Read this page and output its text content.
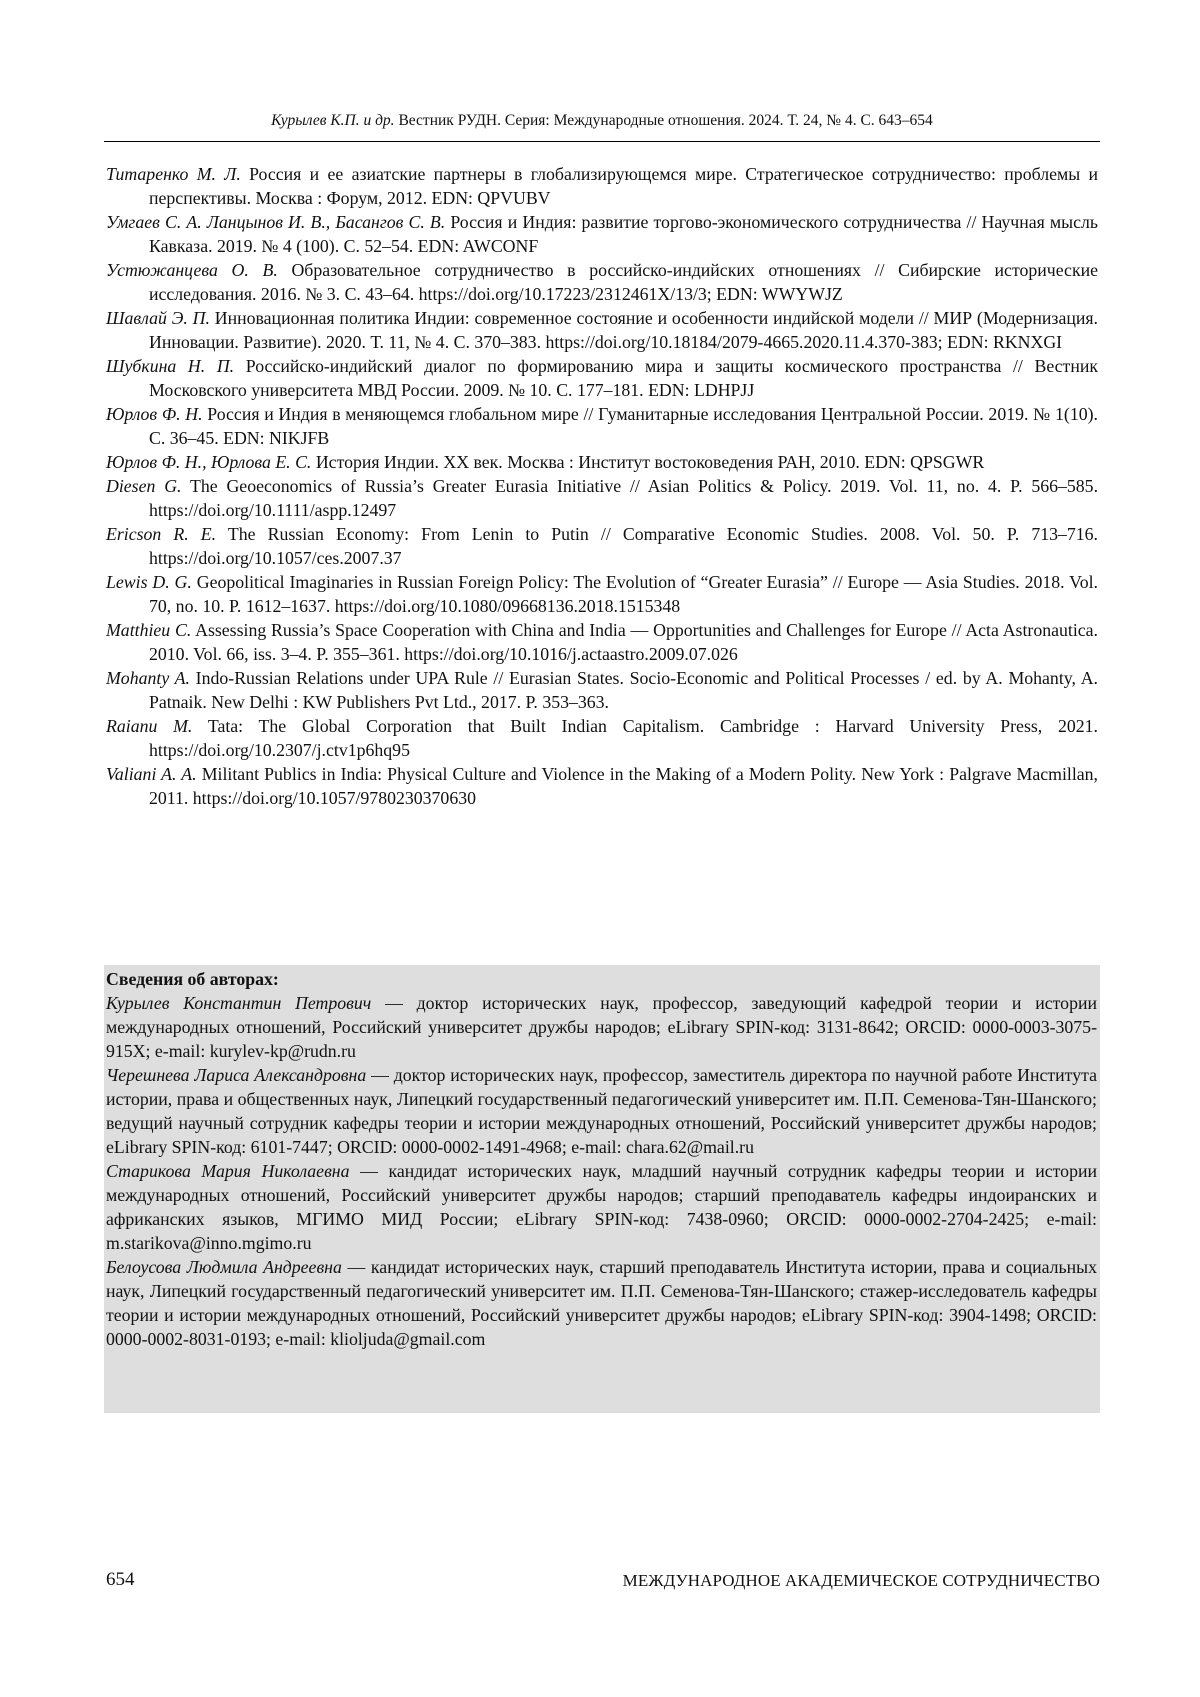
Курылев К.П. и др. Вестник РУДН. Серия: Международные отношения. 2024. Т. 24, № 4. С. 643–654
Титаренко М. Л. Россия и ее азиатские партнеры в глобализирующемся мире. Стратегическое сотрудничество: проблемы и перспективы. Москва : Форум, 2012. EDN: QPVUBV
Умгаев С. А. Ланцынов И. В., Басангов С. В. Россия и Индия: развитие торгово-экономического сотрудничества // Научная мысль Кавказа. 2019. № 4 (100). С. 52–54. EDN: AWCONF
Устюжанцева О. В. Образовательное сотрудничество в российско-индийских отношениях // Сибирские исторические исследования. 2016. № 3. С. 43–64. https://doi.org/10.17223/2312461X/13/3; EDN: WWYWJZ
Шавлай Э. П. Инновационная политика Индии: современное состояние и особенности индийской модели // МИР (Модернизация. Инновации. Развитие). 2020. Т. 11, № 4. С. 370–383. https://doi.org/10.18184/2079-4665.2020.11.4.370-383; EDN: RKNXGI
Шубкина Н. П. Российско-индийский диалог по формированию мира и защиты космического пространства // Вестник Московского университета МВД России. 2009. № 10. С. 177–181. EDN: LDHPJJ
Юрлов Ф. Н. Россия и Индия в меняющемся глобальном мире // Гуманитарные исследования Центральной России. 2019. № 1(10). С. 36–45. EDN: NIKJFB
Юрлов Ф. Н., Юрлова Е. С. История Индии. XX век. Москва : Институт востоковедения РАН, 2010. EDN: QPSGWR
Diesen G. The Geoeconomics of Russia’s Greater Eurasia Initiative // Asian Politics & Policy. 2019. Vol. 11, no. 4. P. 566–585. https://doi.org/10.1111/aspp.12497
Ericson R. E. The Russian Economy: From Lenin to Putin // Comparative Economic Studies. 2008. Vol. 50. P. 713–716. https://doi.org/10.1057/ces.2007.37
Lewis D. G. Geopolitical Imaginaries in Russian Foreign Policy: The Evolution of “Greater Eurasia” // Europe — Asia Studies. 2018. Vol. 70, no. 10. P. 1612–1637. https://doi.org/10.1080/09668136.2018.1515348
Matthieu C. Assessing Russia’s Space Cooperation with China and India — Opportunities and Challenges for Europe // Acta Astronautica. 2010. Vol. 66, iss. 3–4. P. 355–361. https://doi.org/10.1016/j.actaastro.2009.07.026
Mohanty A. Indo-Russian Relations under UPA Rule // Eurasian States. Socio-Economic and Political Processes / ed. by A. Mohanty, A. Patnaik. New Delhi : KW Publishers Pvt Ltd., 2017. P. 353–363.
Raianu M. Tata: The Global Corporation that Built Indian Capitalism. Cambridge : Harvard University Press, 2021. https://doi.org/10.2307/j.ctv1p6hq95
Valiani A. A. Militant Publics in India: Physical Culture and Violence in the Making of a Modern Polity. New York : Palgrave Macmillan, 2011. https://doi.org/10.1057/9780230370630
Сведения об авторах:
Курылев Константин Петрович — доктор исторических наук, профессор, заведующий кафедрой теории и истории международных отношений, Российский университет дружбы народов; eLibrary SPIN-код: 3131-8642; ORCID: 0000-0003-3075-915X; e-mail: kurylev-kp@rudn.ru
Черешнева Лариса Александровна — доктор исторических наук, профессор, заместитель директора по научной работе Института истории, права и общественных наук, Липецкий государственный педагогический университет им. П.П. Семенова-Тян-Шанского; ведущий научный сотрудник кафедры теории и истории международных отношений, Российский университет дружбы народов; eLibrary SPIN-код: 6101-7447; ORCID: 0000-0002-1491-4968; e-mail: chara.62@mail.ru
Старикова Мария Николаевна — кандидат исторических наук, младший научный сотрудник кафедры теории и истории международных отношений, Российский университет дружбы народов; старший преподаватель кафедры индоиранских и африканских языков, МГИМО МИД России; eLibrary SPIN-код: 7438-0960; ORCID: 0000-0002-2704-2425; e-mail: m.starikova@inno.mgimo.ru
Белоусова Людмила Андреевна — кандидат исторических наук, старший преподаватель Института истории, права и социальных наук, Липецкий государственный педагогический университет им. П.П. Семенова-Тян-Шанского; стажер-исследователь кафедры теории и истории международных отношений, Российский университет дружбы народов; eLibrary SPIN-код: 3904-1498; ORCID: 0000-0002-8031-0193; e-mail: klioljuda@gmail.com
654	МЕЖДУНАРОДНОЕ АКАДЕМИЧЕСКОЕ СОТРУДНИЧЕСТВО
